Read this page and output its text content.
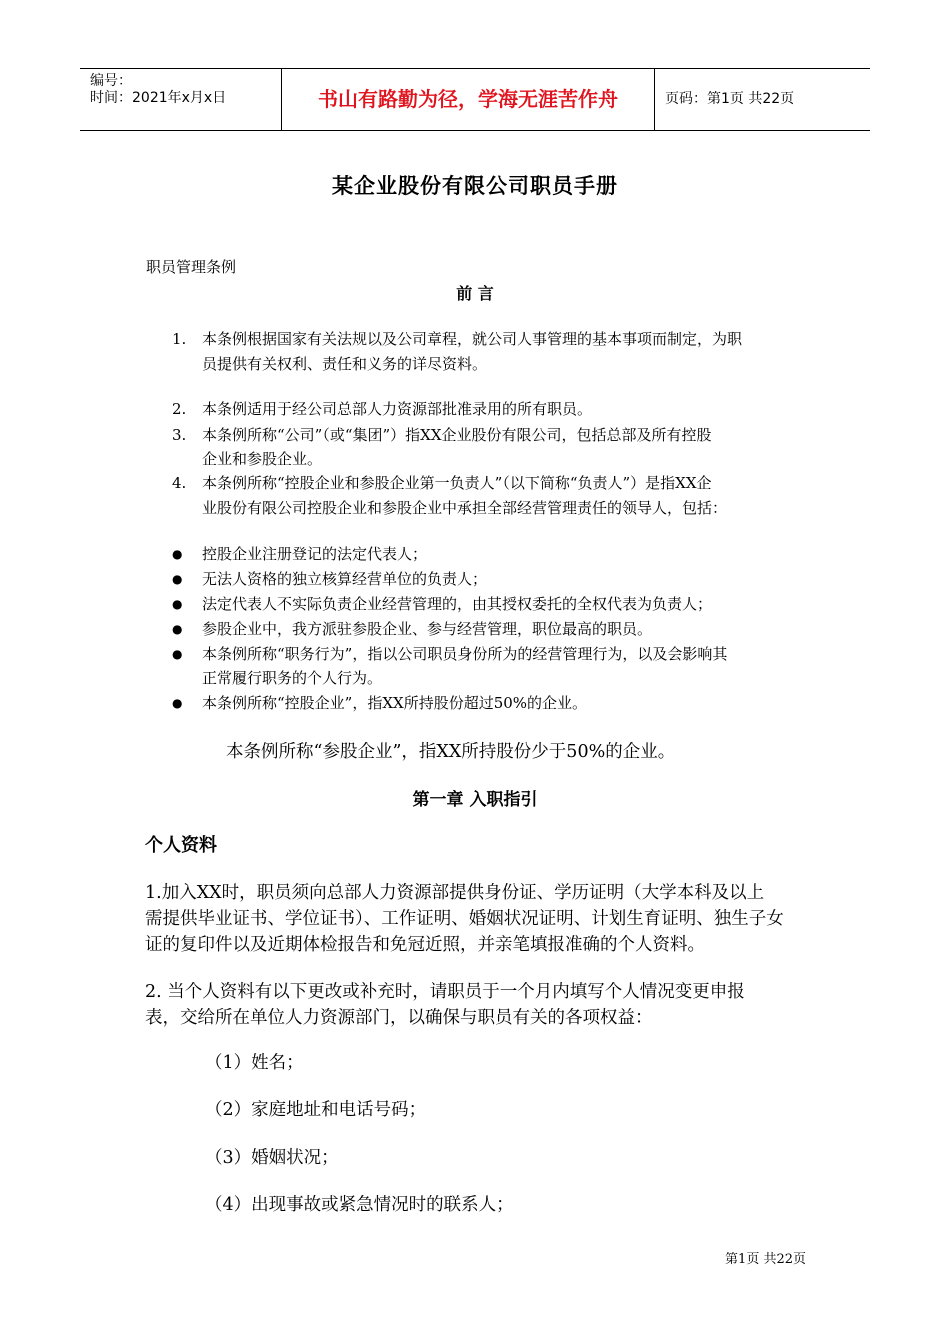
编号：
时间：2021年x月x日	书山有路勤为径，学海无涯苦作舟	页码：第1页 共22页
某企业股份有限公司职员手册
职员管理条例
前 言
1. 本条例根据国家有关法规以及公司章程，就公司人事管理的基本事项而制定，为职
员提供有关权利、责任和义务的详尽资料。
2. 本条例适用于经公司总部人力资源部批准录用的所有职员。
3. 本条例所称“公司”（或“集团”）指XX企业股份有限公司，包括总部及所有控股
企业和参股企业。
4. 本条例所称“控股企业和参股企业第一负责人”（以下简称“负责人”）是指XX企
业股份有限公司控股企业和参股企业中承担全部经营管理责任的领导人，包括：
● 控股企业注册登记的法定代表人；
● 无法人资格的独立核算经营单位的负责人；
● 法定代表人不实际负责企业经营管理的，由其授权委托的全权代表为负责人；
● 参股企业中，我方派驻参股企业、参与经营管理，职位最高的职员。
● 本条例所称“职务行为”，指以公司职员身份所为的经营管理行为，以及会影响其
正常履行职务的个人行为。
● 本条例所称“控股企业”，指XX所持股份超过50%的企业。
本条例所称“参股企业”，指XX所持股份少于50%的企业。
第一章 入职指引
个人资料
1.加入XX时，职员须向总部人力资源部提供身份证、学历证明（大学本科及以上
需提供毕业证书、学位证书）、工作证明、婚姻状况证明、计划生育证明、独生子女
证的复印件以及近期体检报告和免冠近照，并亲笔填报准确的个人资料。
2. 当个人资料有以下更改或补充时，请职员于一个月内填写个人情况变更申报
表，交给所在单位人力资源部门，以确保与职员有关的各项权益：
（1）姓名；
（2）家庭地址和电话号码；
（3）婚姻状况；
（4）出现事故或紧急情况时的联系人；
第1页 共22页
